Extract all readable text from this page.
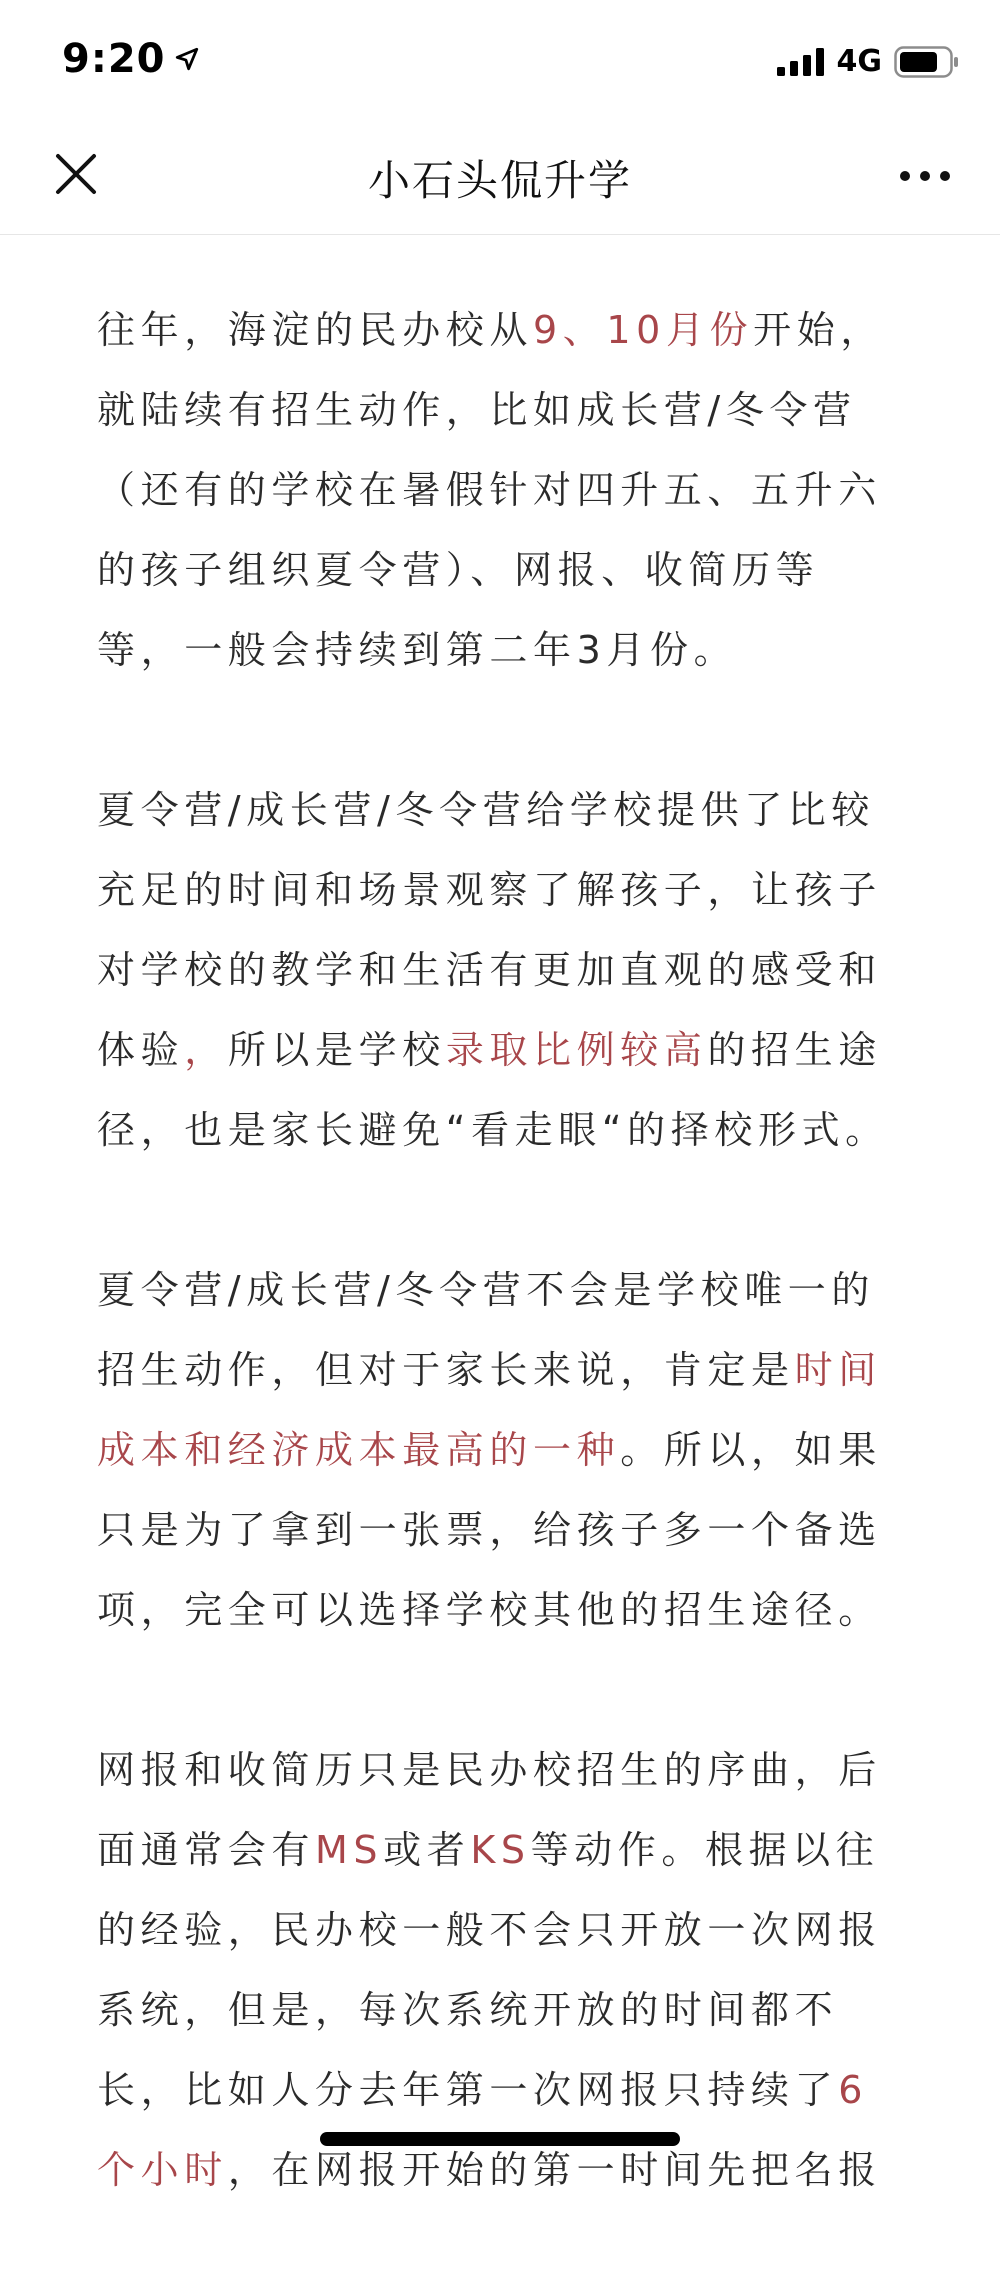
9:20	4G
小石头侃升学

往年，海淀的民办校从9、10月份开始，就陆续有招生动作，比如成长营/冬令营（还有的学校在暑假针对四升五、五升六的孩子组织夏令营）、网报、收简历等等，一般会持续到第二年3月份。

夏令营/成长营/冬令营给学校提供了比较充足的时间和场景观察了解孩子，让孩子对学校的教学和生活有更加直观的感受和体验，所以是学校录取比例较高的招生途径，也是家长避免“看走眼“的择校形式。

夏令营/成长营/冬令营不会是学校唯一的招生动作，但对于家长来说，肯定是时间成本和经济成本最高的一种。所以，如果只是为了拿到一张票，给孩子多一个备选项，完全可以选择学校其他的招生途径。

网报和收简历只是民办校招生的序曲，后面通常会有MS或者KS等动作。根据以往的经验，民办校一般不会只开放一次网报系统，但是，每次系统开放的时间都不长，比如人分去年第一次网报只持续了6个小时，在网报开始的第一时间先把名报
